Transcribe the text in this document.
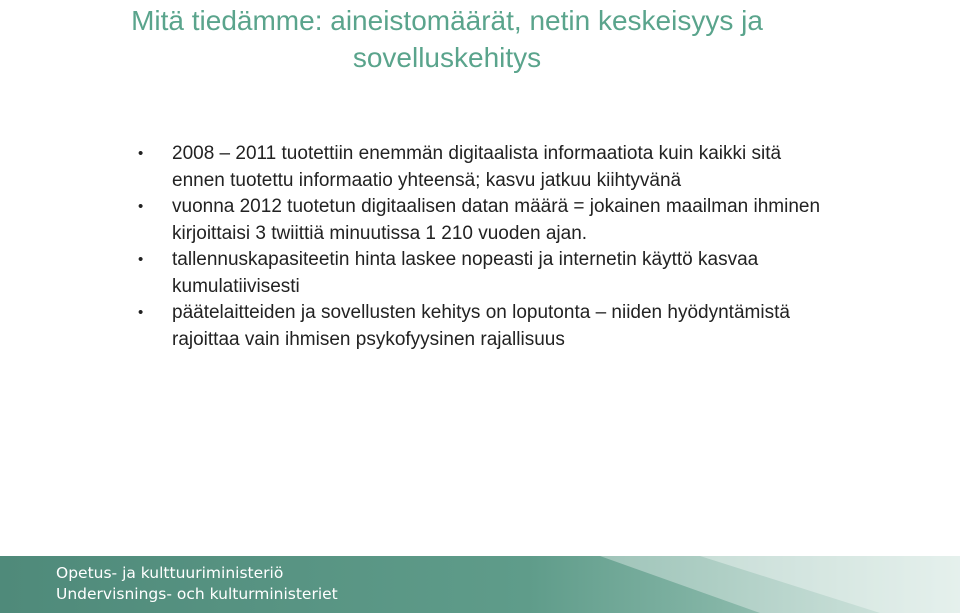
Mitä tiedämme: aineistomäärät, netin keskeisyys ja sovelluskehitys
•	2008 – 2011 tuotettiin enemmän digitaalista informaatiota kuin kaikki sitä ennen tuotettu informaatio yhteensä; kasvu jatkuu kiihtyvänä
•	vuonna 2012 tuotetun digitaalisen datan määrä = jokainen maailman ihminen kirjoittaisi 3 twiittiä minuutissa 1 210 vuoden ajan.
•	tallennuskapasiteetin hinta laskee nopeasti ja internetin käyttö kasvaa kumulatiivisesti
•	päätelaitteiden ja sovellusten kehitys on loputonta – niiden hyödyntämistä rajoittaa vain ihmisen psykofyysinen rajallisuus
Opetus- ja kulttuuriministeriö
Undervisnings- och kulturministeriet
